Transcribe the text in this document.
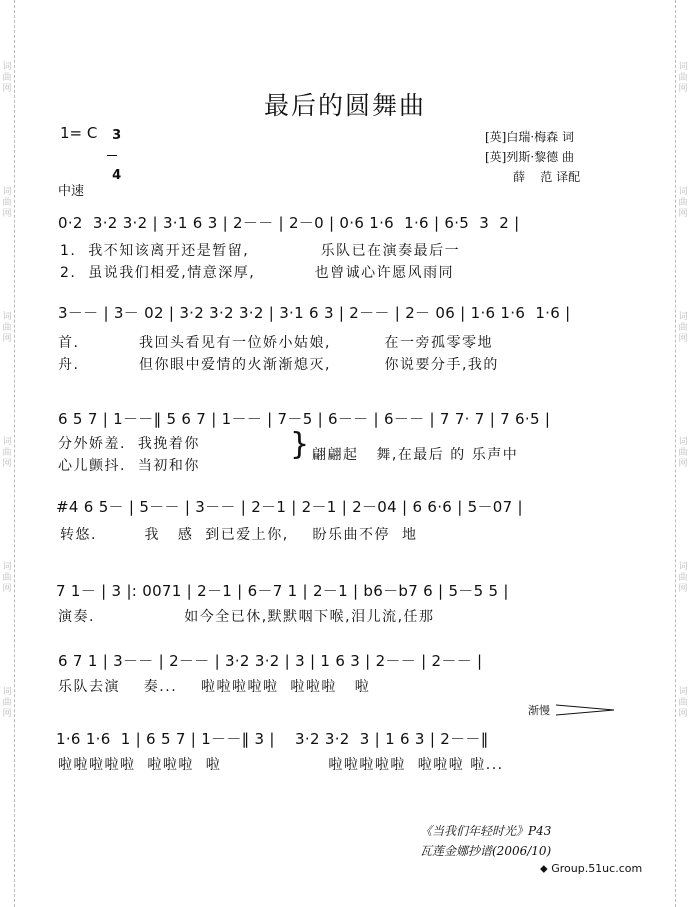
词
曲
网
词
曲
网
词
曲
网
词
曲
网
词
曲
网
词
曲
网
词
曲
网
词
曲
网
词
曲
网
词
曲
网
词
曲
网
词
曲
网
最后的圆舞曲
1= C	3

4

[英]白瑞·梅森 词
[英]列斯·黎德 曲
薛    范 译配
中速
0·2  3·2 3·2 | 3·1 6 3 | 2－－ | 2－0 | 0·6 1·6  1·6 | 6·5  3  2 |
1.  我不知该离开还是暂留,            乐队已在演奏最后一
2.  虽说我们相爱,情意深厚,          也曾诚心许愿风雨同
3－－ | 3－ 02 | 3·2 3·2 3·2 | 3·1 6 3 | 2－－ | 2－ 06 | 1·6 1·6  1·6 |
首.          我回头看见有一位娇小姑娘,         在一旁孤零零地
舟.          但你眼中爱情的火渐渐熄灭,         你说要分手,我的
6 5 7 | 1－－‖ 5 6 7 | 1－－ | 7－5 | 6－－ | 6－－ | 7 7· 7 | 7 6·5 |
分外娇羞.  我挽着你
心儿颤抖.  当初和你
} 翩翩起   舞,在最后 的 乐声中
#4 6 5－ | 5－－ | 3－－ | 2－1 | 2－1 | 2－04 | 6 6·6 | 5－07 |
转悠.        我   感  到已爱上你,    盼乐曲不停  地
7 1－ | 3 |: 0071 | 2－1 | 6－7 1 | 2－1 | b6－b7 6 | 5－5 5 |
演奏.               如今全已休,默默咽下喉,泪儿流,任那
6 7 1 | 3－－ | 2－－ | 3·2 3·2 | 3 | 1 6 3 | 2－－ | 2－－ |
乐队去演    奏...    啦啦啦啦啦  啦啦啦   啦
渐慢
1·6 1·6  1 | 6 5 7 | 1－－‖ 3 |    3·2 3·2  3 | 1 6 3 | 2－－‖
啦啦啦啦啦  啦啦啦  啦                  啦啦啦啦啦  啦啦啦 啦...
《当我们年轻时光》P43
瓦莲金娜抄谱(2006/10)
⬥ Group.51uc.com
